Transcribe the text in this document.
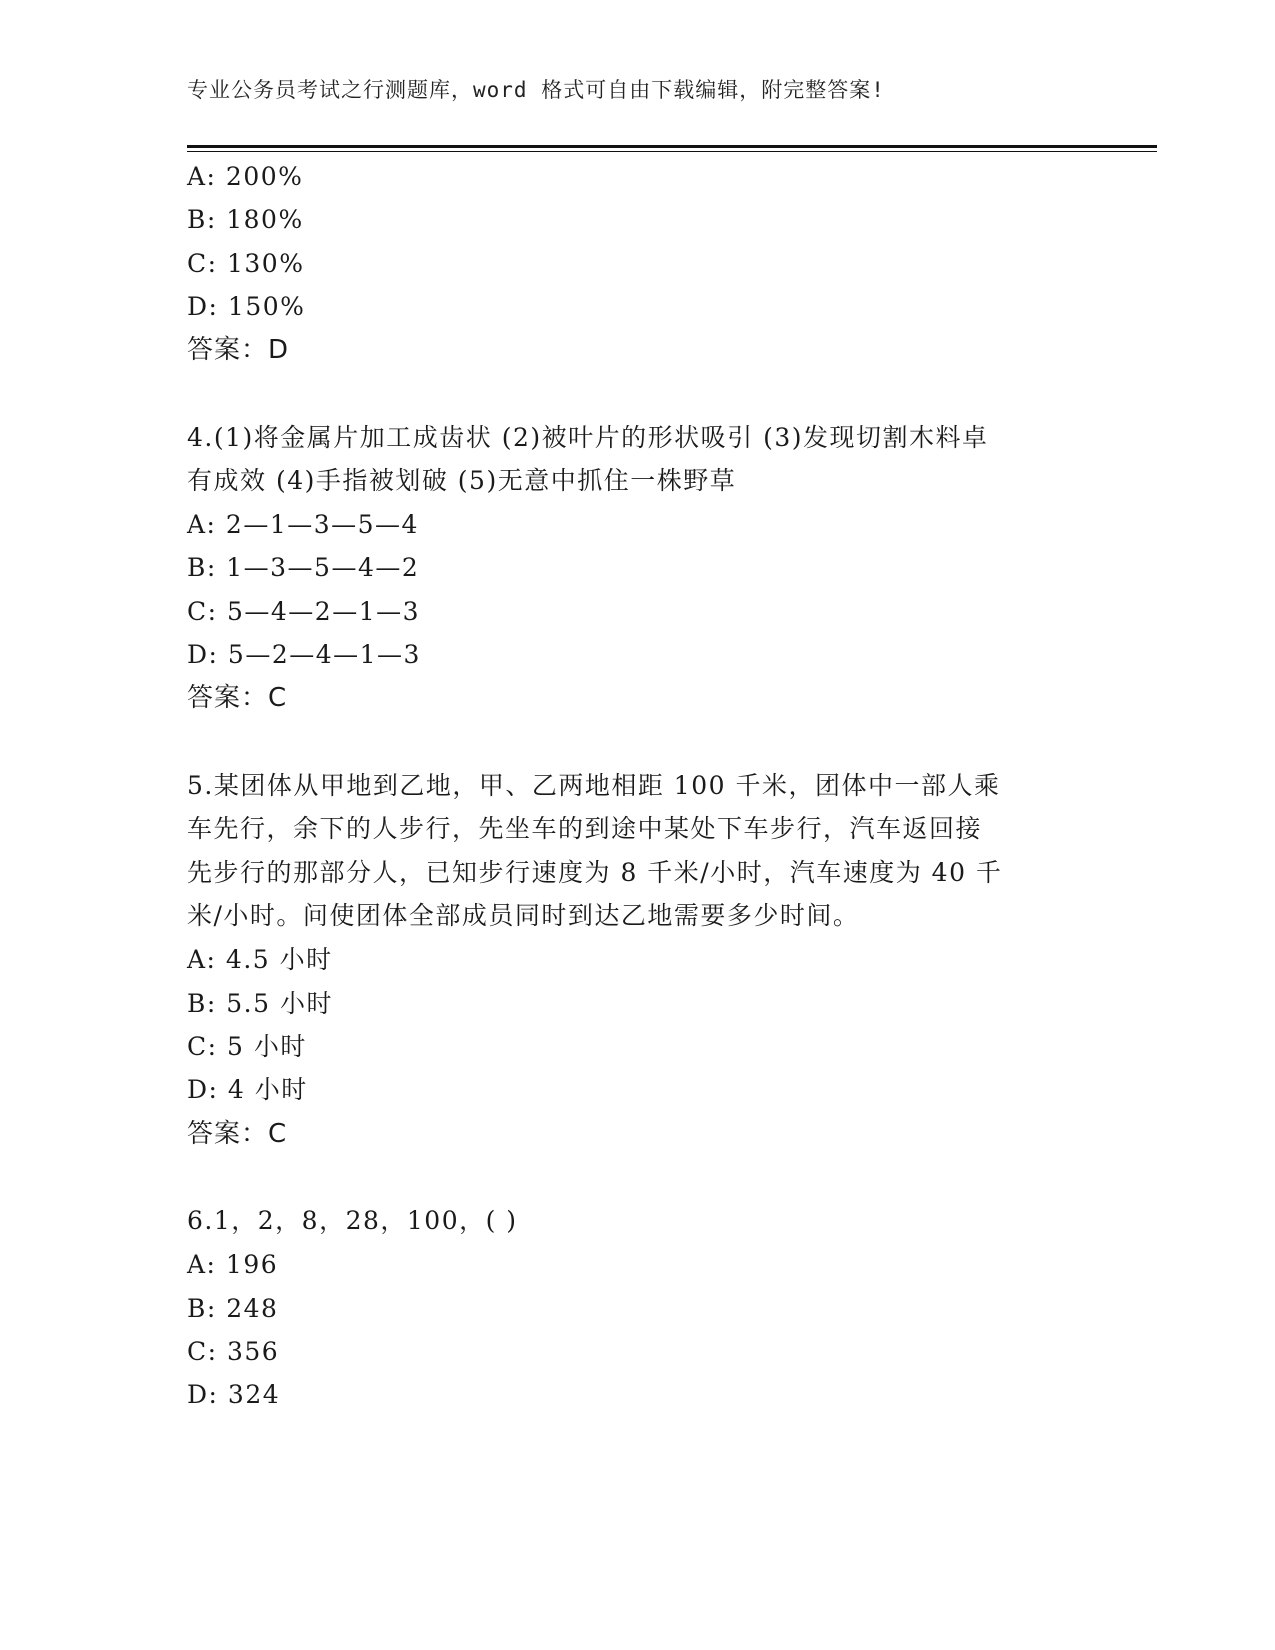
专业公务员考试之行测题库，word 格式可自由下载编辑，附完整答案!
A: 200%
B: 180%
C: 130%
D: 150%
答案：D
4.(1)将金属片加工成齿状 (2)被叶片的形状吸引 (3)发现切割木料卓
有成效 (4)手指被划破 (5)无意中抓住一株野草
A: 2—1—3—5—4
B: 1—3—5—4—2
C: 5—4—2—1—3
D: 5—2—4—1—3
答案：C
5.某团体从甲地到乙地，甲、乙两地相距 100 千米，团体中一部人乘
车先行，余下的人步行，先坐车的到途中某处下车步行，汽车返回接
先步行的那部分人，已知步行速度为 8 千米/小时，汽车速度为 40 千
米/小时。问使团体全部成员同时到达乙地需要多少时间。
A: 4.5 小时
B: 5.5 小时
C: 5 小时
D: 4 小时
答案：C
6.1，2，8，28，100，( )
A: 196
B: 248
C: 356
D: 324
